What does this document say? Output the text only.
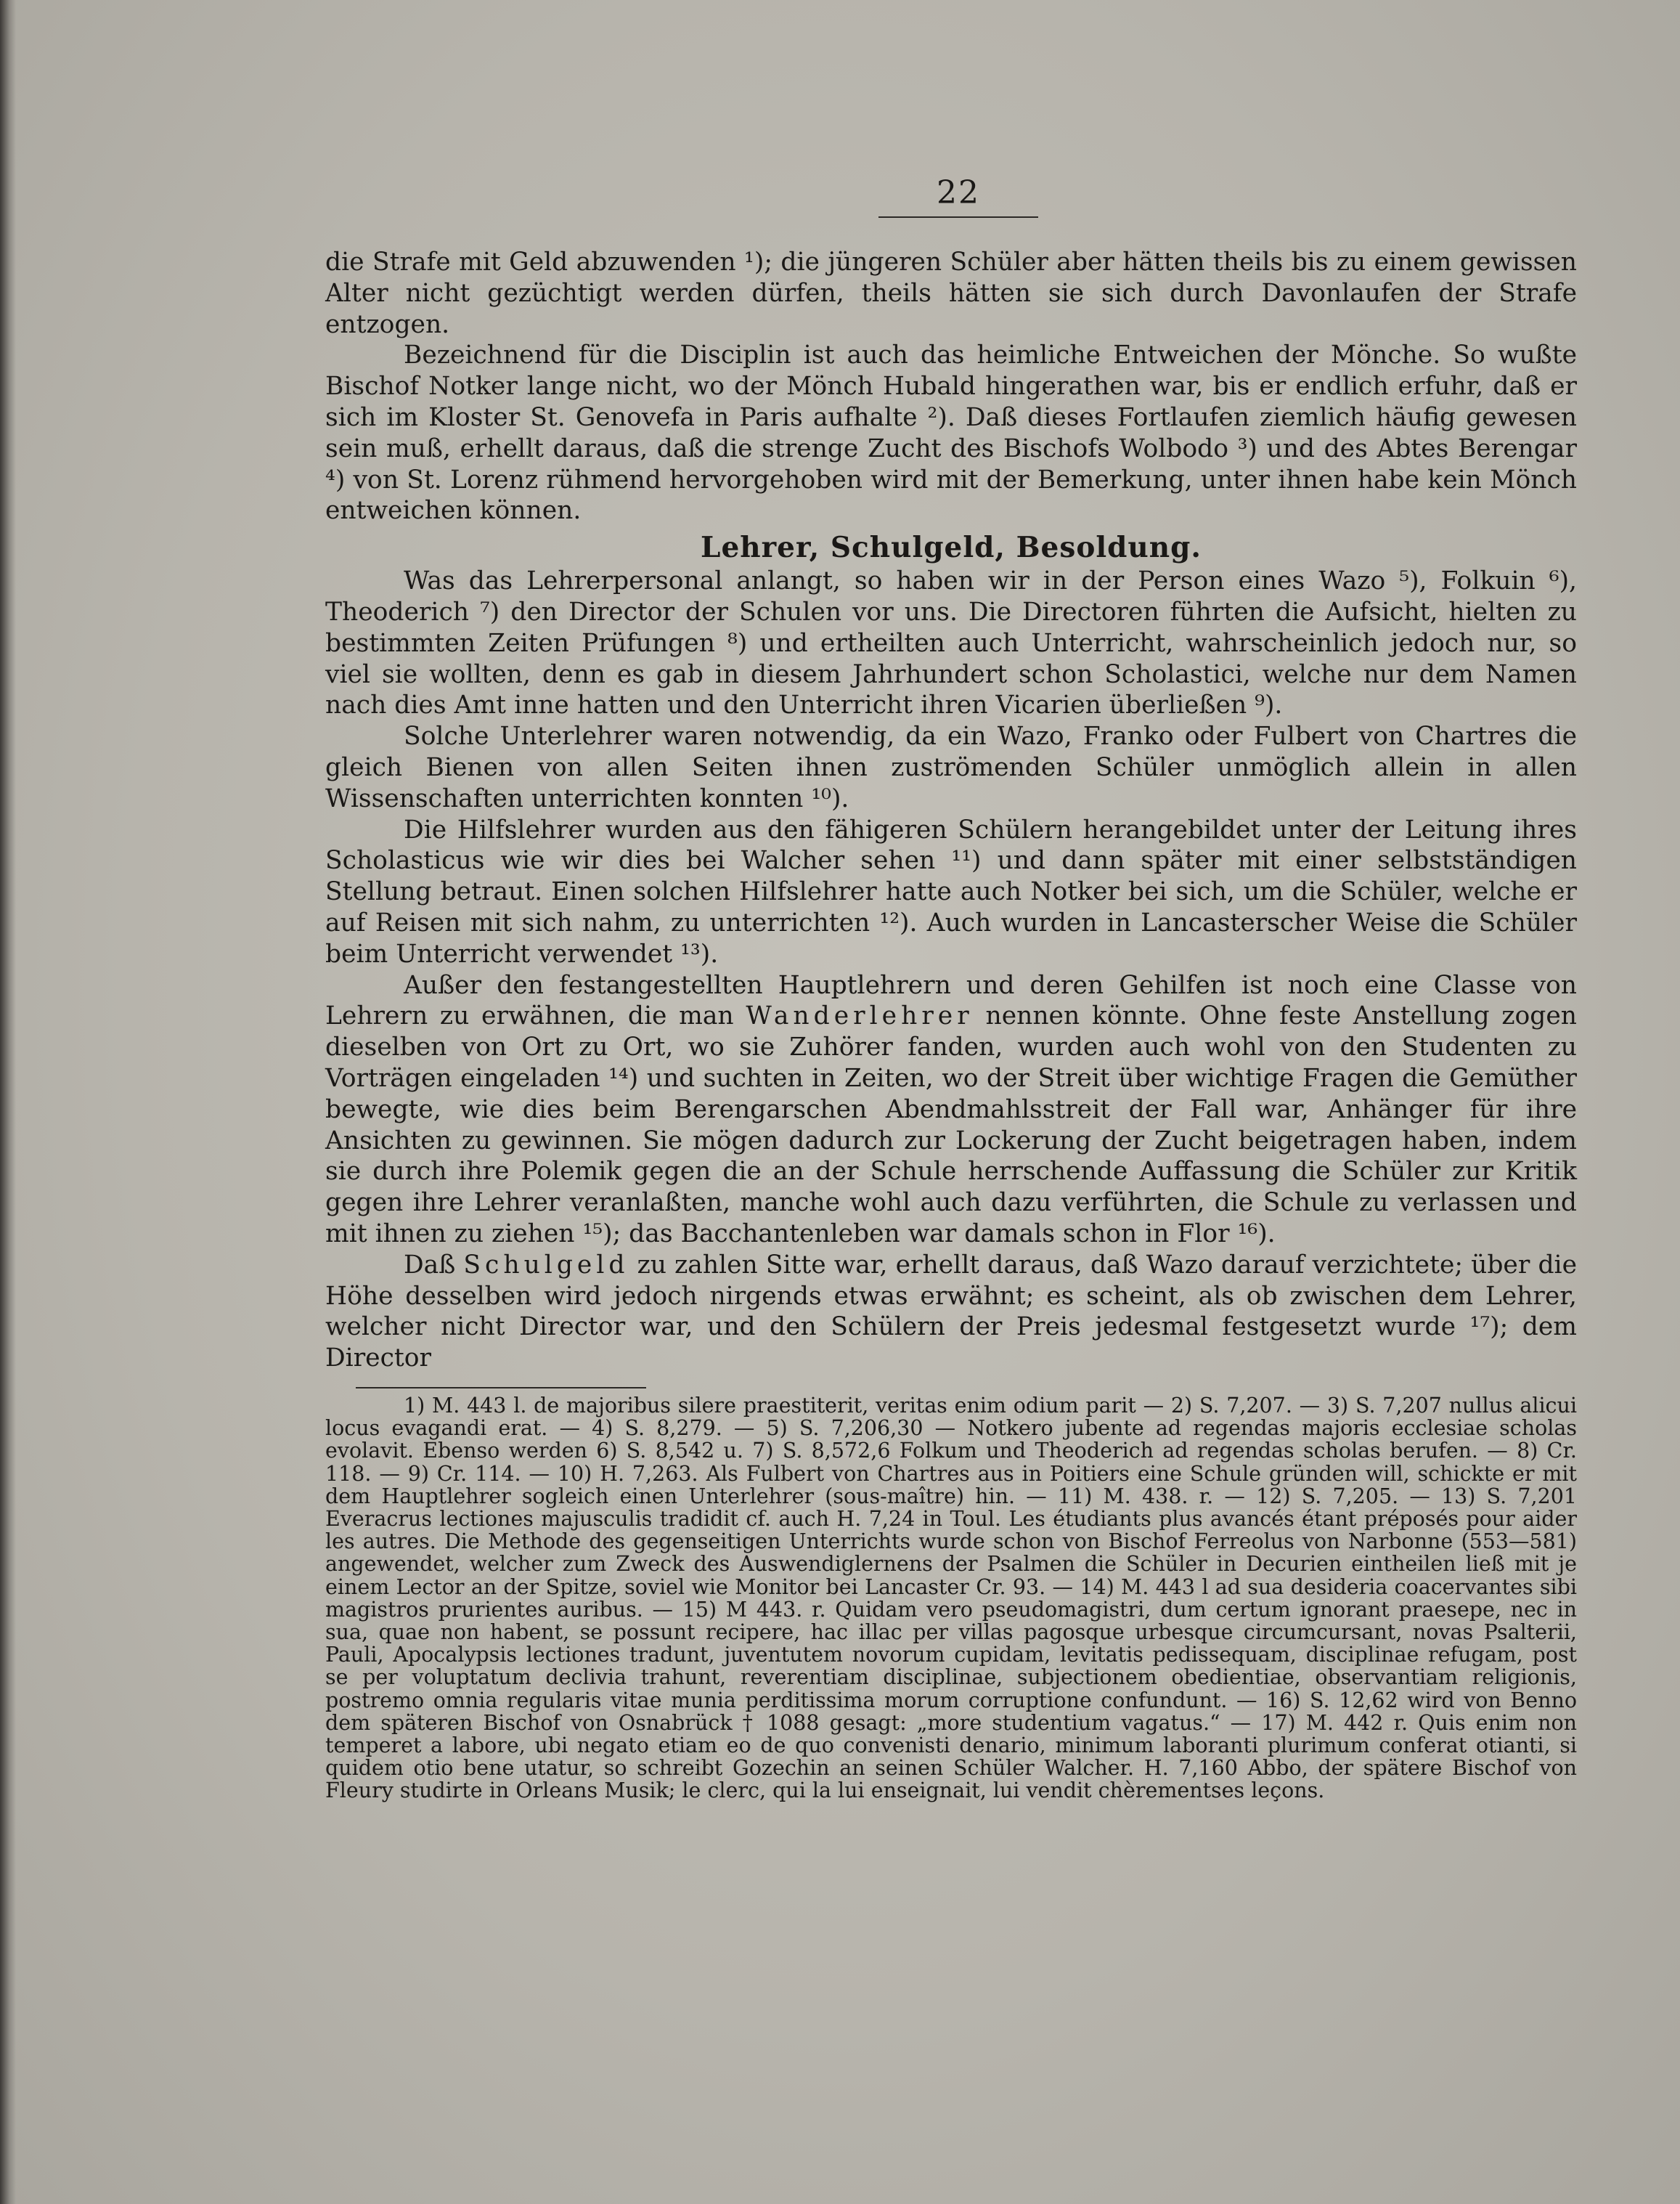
22

die Strafe mit Geld abzuwenden ¹); die jüngeren Schüler aber hätten theils bis zu einem gewissen Alter nicht gezüchtigt werden dürfen, theils hätten sie sich durch Davonlaufen der Strafe entzogen.

Bezeichnend für die Disciplin ist auch das heimliche Entweichen der Mönche. So wußte Bischof Notker lange nicht, wo der Mönch Hubald hingerathen war, bis er endlich erfuhr, daß er sich im Kloster St. Genovefa in Paris aufhalte ²). Daß dieses Fortlaufen ziemlich häufig gewesen sein muß, erhellt daraus, daß die strenge Zucht des Bischofs Wolbodo ³) und des Abtes Berengar ⁴) von St. Lorenz rühmend hervorgehoben wird mit der Bemerkung, unter ihnen habe kein Mönch entweichen können.

Lehrer, Schulgeld, Besoldung.

Was das Lehrerpersonal anlangt, so haben wir in der Person eines Wazo ⁵), Folkuin ⁶), Theoderich ⁷) den Director der Schulen vor uns. Die Directoren führten die Aufsicht, hielten zu bestimmten Zeiten Prüfungen ⁸) und ertheilten auch Unterricht, wahrscheinlich jedoch nur, so viel sie wollten, denn es gab in diesem Jahrhundert schon Scholastici, welche nur dem Namen nach dies Amt inne hatten und den Unterricht ihren Vicarien überließen ⁹).

Solche Unterlehrer waren notwendig, da ein Wazo, Franko oder Fulbert von Chartres die gleich Bienen von allen Seiten ihnen zuströmenden Schüler unmöglich allein in allen Wissenschaften unterrichten konnten ¹⁰).

Die Hilfslehrer wurden aus den fähigeren Schülern herangebildet unter der Leitung ihres Scholasticus wie wir dies bei Walcher sehen ¹¹) und dann später mit einer selbstständigen Stellung betraut. Einen solchen Hilfslehrer hatte auch Notker bei sich, um die Schüler, welche er auf Reisen mit sich nahm, zu unterrichten ¹²). Auch wurden in Lancasterscher Weise die Schüler beim Unterricht verwendet ¹³).

Außer den festangestellten Hauptlehrern und deren Gehilfen ist noch eine Classe von Lehrern zu erwähnen, die man Wanderlehrer nennen könnte. Ohne feste Anstellung zogen dieselben von Ort zu Ort, wo sie Zuhörer fanden, wurden auch wohl von den Studenten zu Vorträgen eingeladen ¹⁴) und suchten in Zeiten, wo der Streit über wichtige Fragen die Gemüther bewegte, wie dies beim Berengarschen Abendmahlsstreit der Fall war, Anhänger für ihre Ansichten zu gewinnen. Sie mögen dadurch zur Lockerung der Zucht beigetragen haben, indem sie durch ihre Polemik gegen die an der Schule herrschende Auffassung die Schüler zur Kritik gegen ihre Lehrer veranlaßten, manche wohl auch dazu verführten, die Schule zu verlassen und mit ihnen zu ziehen ¹⁵); das Bacchantenleben war damals schon in Flor ¹⁶).

Daß Schulgeld zu zahlen Sitte war, erhellt daraus, daß Wazo darauf verzichtete; über die Höhe desselben wird jedoch nirgends etwas erwähnt; es scheint, als ob zwischen dem Lehrer, welcher nicht Director war, und den Schülern der Preis jedesmal festgesetzt wurde ¹⁷); dem Director

1) M. 443 l. de majoribus silere praestiterit, veritas enim odium parit — 2) S. 7,207. — 3) S. 7,207 nullus alicui locus evagandi erat. — 4) S. 8,279. — 5) S. 7,206,30 — Notkero jubente ad regendas majoris ecclesiae scholas evolavit. Ebenso werden 6) S. 8,542 u. 7) S. 8,572,6 Folkum und Theoderich ad regendas scholas berufen. — 8) Cr. 118. — 9) Cr. 114. — 10) H. 7,263. Als Fulbert von Chartres aus in Poitiers eine Schule gründen will, schickte er mit dem Hauptlehrer sogleich einen Unterlehrer (sous-maître) hin. — 11) M. 438. r. — 12) S. 7,205. — 13) S. 7,201 Everacrus lectiones majusculis tradidit cf. auch H. 7,24 in Toul. Les étudiants plus avancés étant préposés pour aider les autres. Die Methode des gegenseitigen Unterrichts wurde schon von Bischof Ferreolus von Narbonne (553—581) angewendet, welcher zum Zweck des Auswendiglernens der Psalmen die Schüler in Decurien eintheilen ließ mit je einem Lector an der Spitze, soviel wie Monitor bei Lancaster Cr. 93. — 14) M. 443 l ad sua desideria coacervantes sibi magistros prurientes auribus. — 15) M 443. r. Quidam vero pseudomagistri, dum certum ignorant praesepe, nec in sua, quae non habent, se possunt recipere, hac illac per villas pagosque urbesque circumcursant, novas Psalterii, Pauli, Apocalypsis lectiones tradunt, juventutem novorum cupidam, levitatis pedissequam, disciplinae refugam, post se per voluptatum declivia trahunt, reverentiam disciplinae, subjectionem obedientiae, observantiam religionis, postremo omnia regularis vitae munia perditissima morum corruptione confundunt. — 16) S. 12,62 wird von Benno dem späteren Bischof von Osnabrück † 1088 gesagt: „more studentium vagatus.“ — 17) M. 442 r. Quis enim non temperet a labore, ubi negato etiam eo de quo convenisti denario, minimum laboranti plurimum conferat otianti, si quidem otio bene utatur, so schreibt Gozechin an seinen Schüler Walcher. H. 7,160 Abbo, der spätere Bischof von Fleury studirte in Orleans Musik; le clerc, qui la lui enseignait, lui vendit chèrementses leçons.
